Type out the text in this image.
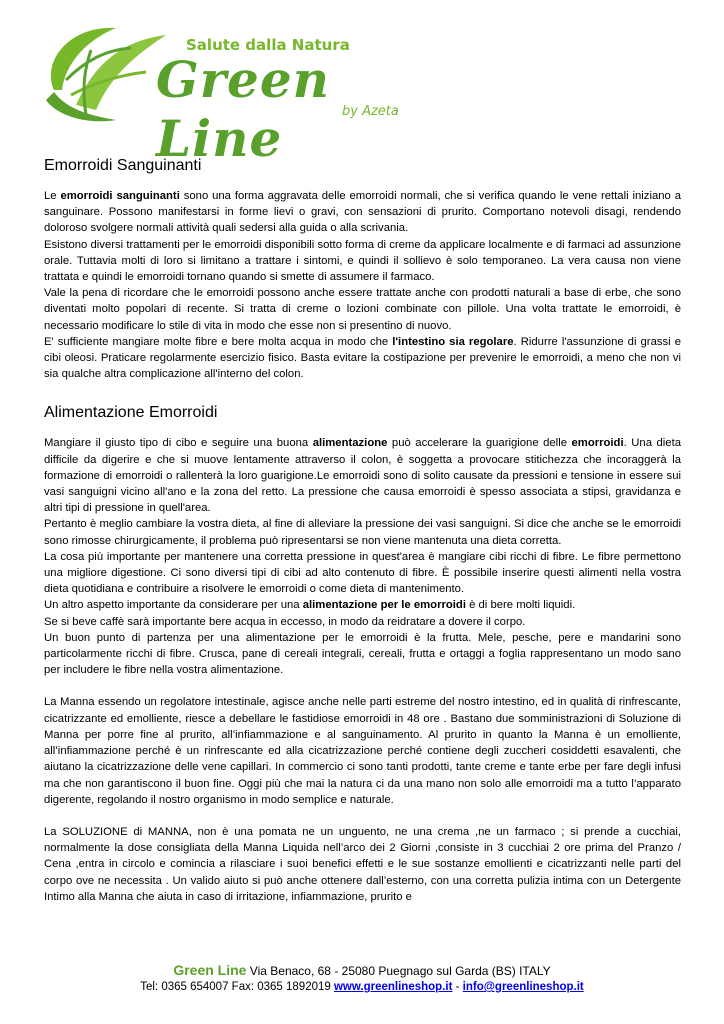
Salute dalla Natura
Green Line	by Azeta
Emorroidi Sanguinanti

Le emorroidi sanguinanti sono una forma aggravata delle emorroidi normali, che si verifica quando le vene rettali iniziano a sanguinare. Possono manifestarsi in forme lievi o gravi, con sensazioni di prurito. Comportano notevoli disagi, rendendo doloroso svolgere normali attività quali sedersi alla guida o alla scrivania.

Esistono diversi trattamenti per le emorroidi disponibili sotto forma di creme da applicare localmente e di farmaci ad assunzione orale. Tuttavia molti di loro si limitano a trattare i sintomi, e quindi il sollievo è solo temporaneo. La vera causa non viene trattata e quindi le emorroidi tornano quando si smette di assumere il farmaco.

Vale la pena di ricordare che le emorroidi possono anche essere trattate anche con prodotti naturali a base di erbe, che sono diventati molto popolari di recente. Si tratta di creme o lozioni combinate con pillole. Una volta trattate le emorroidi, è necessario modificare lo stile di vita in modo che esse non si presentino di nuovo.

E' sufficiente mangiare molte fibre e bere molta acqua in modo che l'intestino sia regolare. Ridurre l'assunzione di grassi e cibi oleosi. Praticare regolarmente esercizio fisico. Basta evitare la costipazione per prevenire le emorroidi, a meno che non vi sia qualche altra complicazione all'interno del colon.

Alimentazione Emorroidi

Mangiare il giusto tipo di cibo e seguire una buona alimentazione può accelerare la guarigione delle emorroidi. Una dieta difficile da digerire e che si muove lentamente attraverso il colon, è soggetta a provocare stitichezza che incoraggerà la formazione di emorroidi o rallenterà la loro guarigione.Le emorroidi sono di solito causate da pressioni e tensione in essere sui vasi sanguigni vicino all'ano e la zona del retto. La pressione che causa emorroidi è spesso associata a stipsi, gravidanza e altri tipi di pressione in quell'area.

Pertanto è meglio cambiare la vostra dieta, al fine di alleviare la pressione dei vasi sanguigni. Si dice che anche se le emorroidi sono rimosse chirurgicamente, il problema può ripresentarsi se non viene mantenuta una dieta corretta.

La cosa più importante per mantenere una corretta pressione in quest'area è mangiare cibi ricchi di fibre. Le fibre permettono una migliore digestione. Ci sono diversi tipi di cibi ad alto contenuto di fibre. È possibile inserire questi alimenti nella vostra dieta quotidiana e contribuire a risolvere le emorroidi o come dieta di mantenimento.

Un altro aspetto importante da considerare per una alimentazione per le emorroidi è di bere molti liquidi.

Se si beve caffè sarà importante bere acqua in eccesso, in modo da reidratare a dovere il corpo.

Un buon punto di partenza per una alimentazione per le emorroidi è la frutta. Mele, pesche, pere e mandarini sono particolarmente ricchi di fibre. Crusca, pane di cereali integrali, cereali, frutta e ortaggi a foglia rappresentano un modo sano per includere le fibre nella vostra alimentazione.

La Manna essendo un regolatore intestinale, agisce anche nelle parti estreme del nostro intestino, ed in qualità di rinfrescante, cicatrizzante ed emolliente, riesce a debellare le fastidiose emorroidi in 48 ore . Bastano due somministrazioni di Soluzione di Manna per porre fine al prurito, all’infiammazione e al sanguinamento. Al prurito in quanto la Manna è un emolliente, all’infiammazione perché è un rinfrescante ed alla cicatrizzazione perché contiene degli zuccheri cosiddetti esavalenti, che aiutano la cicatrizzazione delle vene capillari. In commercio ci sono tanti prodotti, tante creme e tante erbe per fare degli infusi ma che non garantiscono il buon fine. Oggi più che mai la natura ci da una mano non solo alle emorroidi ma a tutto l’apparato digerente, regolando il nostro organismo in modo semplice e naturale.

La SOLUZIONE di MANNA, non è una pomata ne un unguento, ne una crema ,ne un farmaco ; si prende a cucchiai, normalmente la dose consigliata della Manna Liquida nell’arco dei 2 Giorni ,consiste in 3 cucchiai 2 ore prima del Pranzo / Cena ,entra in circolo e comincia a rilasciare i suoi benefici effetti e le sue sostanze emollienti e cicatrizzanti nelle parti del corpo ove ne necessita . Un valido aiuto si può anche ottenere dall’esterno, con una corretta pulizia intima con un Detergente Intimo alla Manna che aiuta in caso di irritazione, infiammazione, prurito e

Green Line Via Benaco, 68 - 25080 Puegnago sul Garda (BS) ITALY
Tel: 0365 654007 Fax: 0365 1892019 www.greenlineshop.it - info@greenlineshop.it
